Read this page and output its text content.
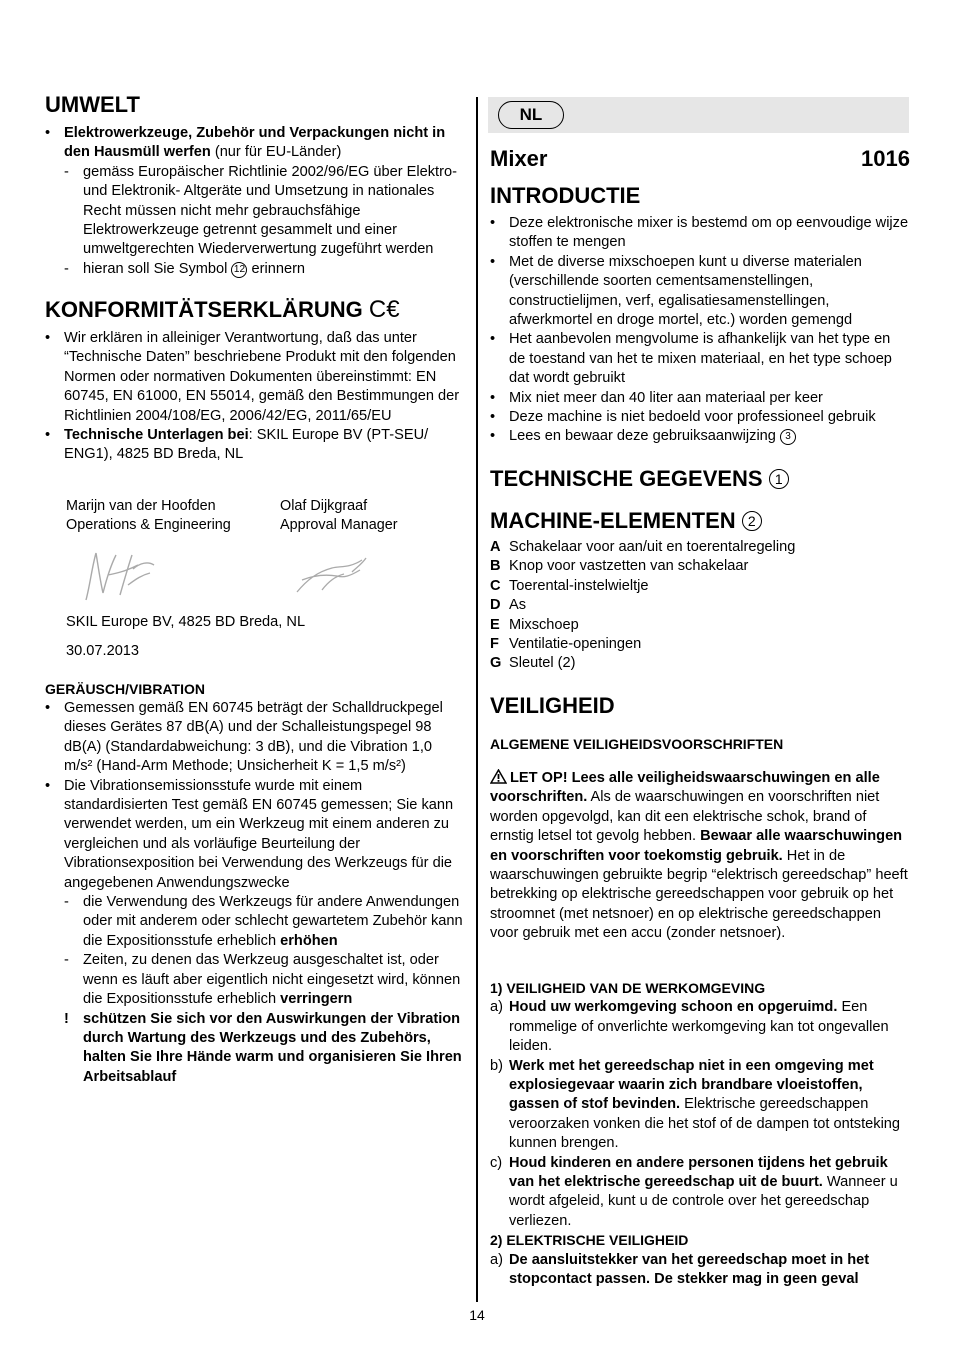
UMWELT
• Elektrowerkzeuge, Zubehör und Verpackungen nicht in den Hausmüll werfen (nur für EU-Länder)
- gemäss Europäischer Richtlinie 2002/96/EG über Elektro- und Elektronik- Altgeräte und Umsetzung in nationales Recht müssen nicht mehr gebrauchsfähige Elektrowerkzeuge getrennt gesammelt und einer umweltgerechten Wiederverwertung zugeführt werden
- hieran soll Sie Symbol 12 erinnern
KONFORMITÄTSERKLÄRUNG C€
• Wir erklären in alleiniger Verantwortung, daß das unter “Technische Daten” beschriebene Produkt mit den folgenden Normen oder normativen Dokumenten übereinstimmt: EN 60745, EN 61000, EN 55014, gemäß den Bestimmungen der Richtlinien 2004/108/EG, 2006/42/EG, 2011/65/EU
• Technische Unterlagen bei: SKIL Europe BV (PT-SEU/ ENG1), 4825 BD Breda, NL
Marijn van der Hoofden
Operations & Engineering
Olaf Dijkgraaf
Approval Manager
SKIL Europe BV, 4825 BD Breda, NL
30.07.2013
GERÄUSCH/VIBRATION
• Gemessen gemäß EN 60745 beträgt der Schalldruckpegel dieses Gerätes 87 dB(A) und der Schalleistungspegel 98 dB(A) (Standardabweichung: 3 dB), und die Vibration 1,0 m/s² (Hand-Arm Methode; Unsicherheit K = 1,5 m/s²)
• Die Vibrationsemissionsstufe wurde mit einem standardisierten Test gemäß EN 60745 gemessen; Sie kann verwendet werden, um ein Werkzeug mit einem anderen zu vergleichen und als vorläufige Beurteilung der Vibrationsexposition bei Verwendung des Werkzeugs für die angegebenen Anwendungszwecke
- die Verwendung des Werkzeugs für andere Anwendungen oder mit anderem oder schlecht gewartetem Zubehör kann die Expositionsstufe erheblich erhöhen
- Zeiten, zu denen das Werkzeug ausgeschaltet ist, oder wenn es läuft aber eigentlich nicht eingesetzt wird, können die Expositionsstufe erheblich verringern
! schützen Sie sich vor den Auswirkungen der Vibration durch Wartung des Werkzeugs und des Zubehörs, halten Sie Ihre Hände warm und organisieren Sie Ihren Arbeitsablauf
NL
Mixer	1016
INTRODUCTIE
• Deze elektronische mixer is bestemd om op eenvoudige wijze stoffen te mengen
• Met de diverse mixschoepen kunt u diverse materialen (verschillende soorten cementsamenstellingen, constructielijmen, verf, egalisatiesamenstellingen, afwerkmortel en droge mortel, etc.) worden gemengd
• Het aanbevolen mengvolume is afhankelijk van het type en de toestand van het te mixen materiaal, en het type schoep dat wordt gebruikt
• Mix niet meer dan 40 liter aan materiaal per keer
• Deze machine is niet bedoeld voor professioneel gebruik
• Lees en bewaar deze gebruiksaanwijzing 3
TECHNISCHE GEGEVENS 1
MACHINE-ELEMENTEN 2
A Schakelaar voor aan/uit en toerentalregeling
B Knop voor vastzetten van schakelaar
C Toerental-instelwieltje
D As
E Mixschoep
F Ventilatie-openingen
G Sleutel (2)
VEILIGHEID
ALGEMENE VEILIGHEIDSVOORSCHRIFTEN
LET OP! Lees alle veiligheidswaarschuwingen en alle voorschriften. Als de waarschuwingen en voorschriften niet worden opgevolgd, kan dit een elektrische schok, brand of ernstig letsel tot gevolg hebben. Bewaar alle waarschuwingen en voorschriften voor toekomstig gebruik. Het in de waarschuwingen gebruikte begrip “elektrisch gereedschap” heeft betrekking op elektrische gereedschappen voor gebruik op het stroomnet (met netsnoer) en op elektrische gereedschappen voor gebruik met een accu (zonder netsnoer).
1) VEILIGHEID VAN DE WERKOMGEVING
a) Houd uw werkomgeving schoon en opgeruimd. Een rommelige of onverlichte werkomgeving kan tot ongevallen leiden.
b) Werk met het gereedschap niet in een omgeving met explosiegevaar waarin zich brandbare vloeistoffen, gassen of stof bevinden. Elektrische gereedschappen veroorzaken vonken die het stof of de dampen tot ontsteking kunnen brengen.
c) Houd kinderen en andere personen tijdens het gebruik van het elektrische gereedschap uit de buurt. Wanneer u wordt afgeleid, kunt u de controle over het gereedschap verliezen.
2) ELEKTRISCHE VEILIGHEID
a) De aansluitstekker van het gereedschap moet in het stopcontact passen. De stekker mag in geen geval
14
